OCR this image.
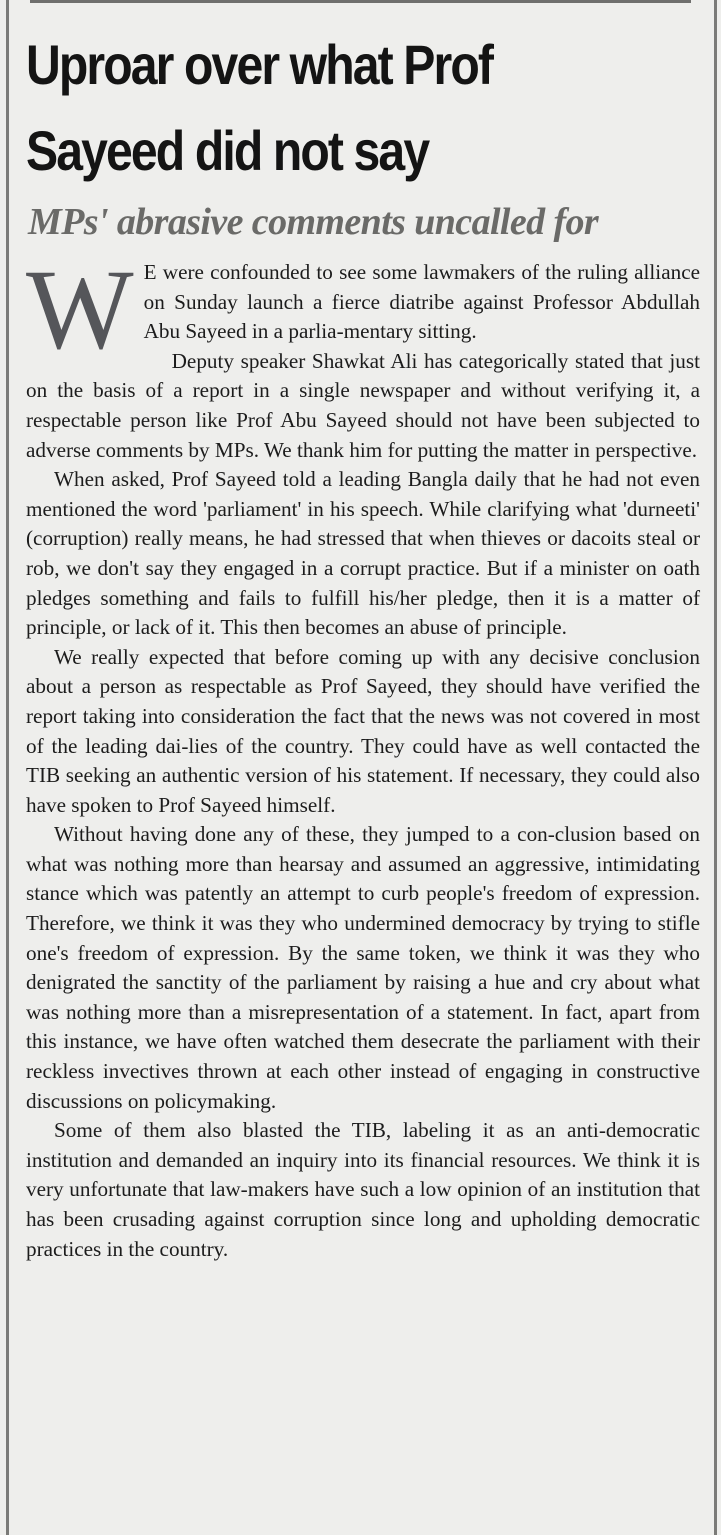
Uproar over what Prof
Sayeed did not say
MPs' abrasive comments uncalled for

W E were confounded to see some lawmakers of the ruling alliance on Sunday launch a fierce diatribe against Professor Abdullah Abu Sayeed in a parlia-mentary sitting.

Deputy speaker Shawkat Ali has categorically stated that just on the basis of a report in a single newspaper and without verifying it, a respectable person like Prof Abu Sayeed should not have been subjected to adverse comments by MPs. We thank him for putting the matter in perspective.

When asked, Prof Sayeed told a leading Bangla daily that he had not even mentioned the word 'parliament' in his speech. While clarifying what 'durneeti' (corruption) really means, he had stressed that when thieves or dacoits steal or rob, we don't say they engaged in a corrupt practice. But if a minister on oath pledges something and fails to fulfill his/her pledge, then it is a matter of principle, or lack of it. This then becomes an abuse of principle.

We really expected that before coming up with any decisive conclusion about a person as respectable as Prof Sayeed, they should have verified the report taking into consideration the fact that the news was not covered in most of the leading dai-lies of the country. They could have as well contacted the TIB seeking an authentic version of his statement. If necessary, they could also have spoken to Prof Sayeed himself.

Without having done any of these, they jumped to a con-clusion based on what was nothing more than hearsay and assumed an aggressive, intimidating stance which was patently an attempt to curb people's freedom of expression. Therefore, we think it was they who undermined democracy by trying to stifle one's freedom of expression. By the same token, we think it was they who denigrated the sanctity of the parliament by raising a hue and cry about what was nothing more than a misrepresentation of a statement. In fact, apart from this instance, we have often watched them desecrate the parliament with their reckless invectives thrown at each other instead of engaging in constructive discussions on policymaking.

Some of them also blasted the TIB, labeling it as an anti-democratic institution and demanded an inquiry into its financial resources. We think it is very unfortunate that law-makers have such a low opinion of an institution that has been crusading against corruption since long and upholding democratic practices in the country.
